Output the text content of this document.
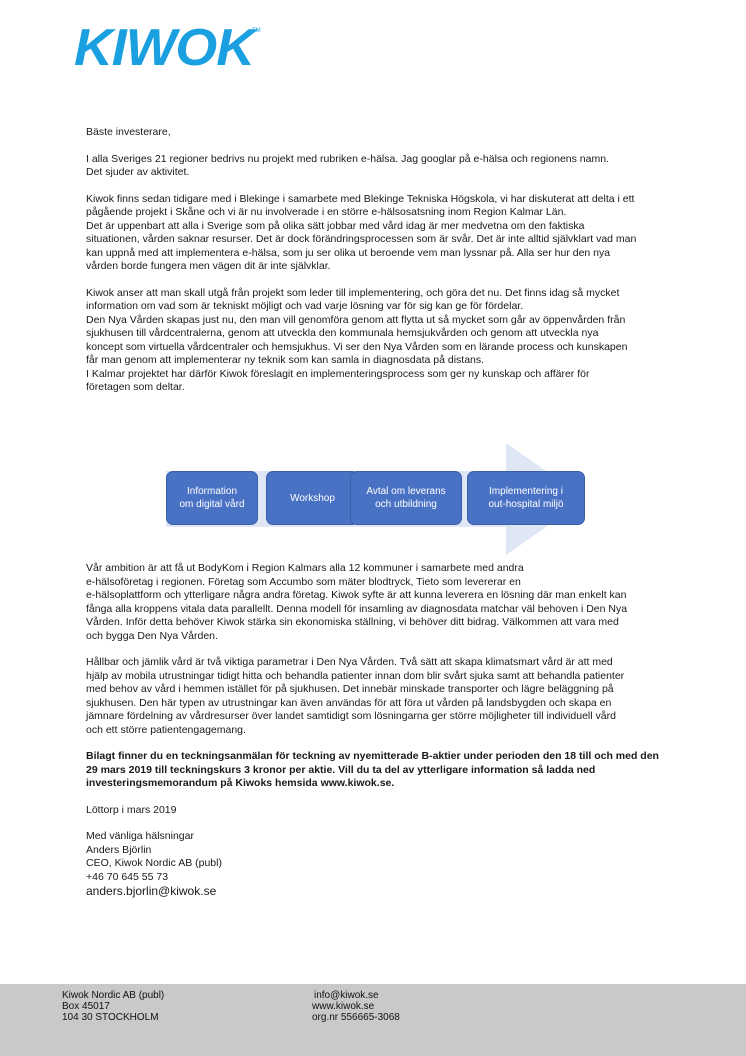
KIWOK
TM

Bäste investerare,

I alla Sveriges 21 regioner bedrivs nu projekt med rubriken e-hälsa. Jag googlar på e-hälsa och regionens namn.
Det sjuder av aktivitet.

Kiwok finns sedan tidigare med i Blekinge i samarbete med Blekinge Tekniska Högskola, vi har diskuterat att delta i ett
pågående projekt i Skåne och vi är nu involverade i en större e-hälsosatsning inom Region Kalmar Län.
Det är uppenbart att alla i Sverige som på olika sätt jobbar med vård idag är mer medvetna om den faktiska
situationen, vården saknar resurser. Det är dock förändringsprocessen som är svår. Det är inte alltid självklart vad man
kan uppnå med att implementera e-hälsa, som ju ser olika ut beroende vem man lyssnar på. Alla ser hur den nya
vården borde fungera men vägen dit är inte självklar.

Kiwok anser att man skall utgå från projekt som leder till implementering, och göra det nu. Det finns idag så mycket
information om vad som är tekniskt möjligt och vad varje lösning var för sig kan ge för fördelar.
Den Nya Vården skapas just nu, den man vill genomföra genom att flytta ut så mycket som går av öppenvården från
sjukhusen till vårdcentralerna, genom att utveckla den kommunala hemsjukvården och genom att utveckla nya
koncept som virtuella vårdcentraler och hemsjukhus. Vi ser den Nya Vården som en lärande process och kunskapen
får man genom att implementerar ny teknik som kan samla in diagnosdata på distans.
I Kalmar projektet har därför Kiwok föreslagit en implementeringsprocess som ger ny kunskap och affärer för
företagen som deltar.

Information
om digital vård
Workshop
Avtal om leverans
och utbildning
Implementering i
out-hospital miljö

Vår ambition är att få ut BodyKom i Region Kalmars alla 12 kommuner i samarbete med andra
e-hälsoföretag i regionen. Företag som Accumbo som mäter blodtryck, Tieto som levererar en
e-hälsoplattform och ytterligare några andra företag. Kiwok syfte är att kunna leverera en lösning där man enkelt kan
fånga alla kroppens vitala data parallellt. Denna modell för insamling av diagnosdata matchar väl behoven i Den Nya
Vården. Inför detta behöver Kiwok stärka sin ekonomiska ställning, vi behöver ditt bidrag. Välkommen att vara med
och bygga Den Nya Vården.

Hållbar och jämlik vård är två viktiga parametrar i Den Nya Vården. Två sätt att skapa klimatsmart vård är att med
hjälp av mobila utrustningar tidigt hitta och behandla patienter innan dom blir svårt sjuka samt att behandla patienter
med behov av vård i hemmen istället för på sjukhusen. Det innebär minskade transporter och lägre beläggning på
sjukhusen. Den här typen av utrustningar kan även användas för att föra ut vården på landsbygden och skapa en
jämnare fördelning av vårdresurser över landet samtidigt som lösningarna ger större möjligheter till individuell vård
och ett större patientengagemang.

Bilagt finner du en teckningsanmälan för teckning av nyemitterade B-aktier under perioden den 18 till och med den
29 mars 2019 till teckningskurs 3 kronor per aktie. Vill du ta del av ytterligare information så ladda ned
investeringsmemorandum på Kiwoks hemsida www.kiwok.se.

Löttorp i mars 2019

Med vänliga hälsningar
Anders Björlin
CEO, Kiwok Nordic AB (publ)
+46 70 645 55 73
anders.bjorlin@kiwok.se

Kiwok Nordic AB (publ)
Box 45017
104 30 STOCKHOLM
info@kiwok.se
www.kiwok.se
org.nr 556665-3068
